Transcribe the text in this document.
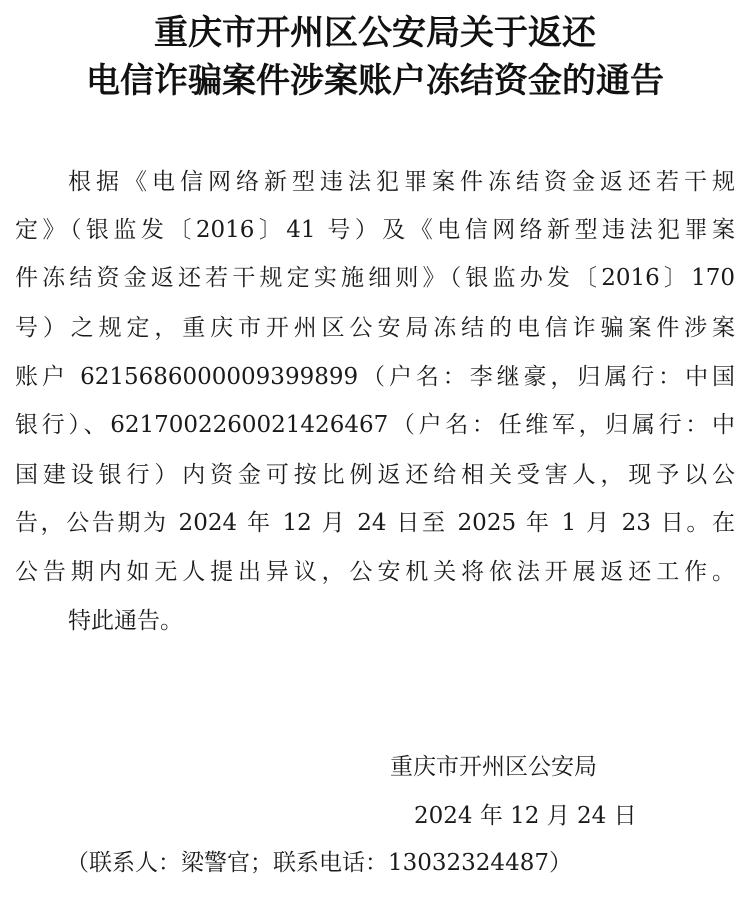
重庆市开州区公安局关于返还
电信诈骗案件涉案账户冻结资金的通告
根据《电信网络新型违法犯罪案件冻结资金返还若干规
定》（银监发〔2016〕41 号）及《电信网络新型违法犯罪案
件冻结资金返还若干规定实施细则》（银监办发〔2016〕170
号）之规定，重庆市开州区公安局冻结的电信诈骗案件涉案
账户 6215686000009399899（户名：李继豪，归属行：中国
银行）、6217002260021426467（户名：任维军，归属行：中
国建设银行）内资金可按比例返还给相关受害人，现予以公
告，公告期为 2024 年 12 月 24 日至 2025 年 1 月 23 日。在
公告期内如无人提出异议，公安机关将依法开展返还工作。
特此通告。
重庆市开州区公安局
2024 年 12 月 24 日
（联系人：梁警官；联系电话：13032324487）
